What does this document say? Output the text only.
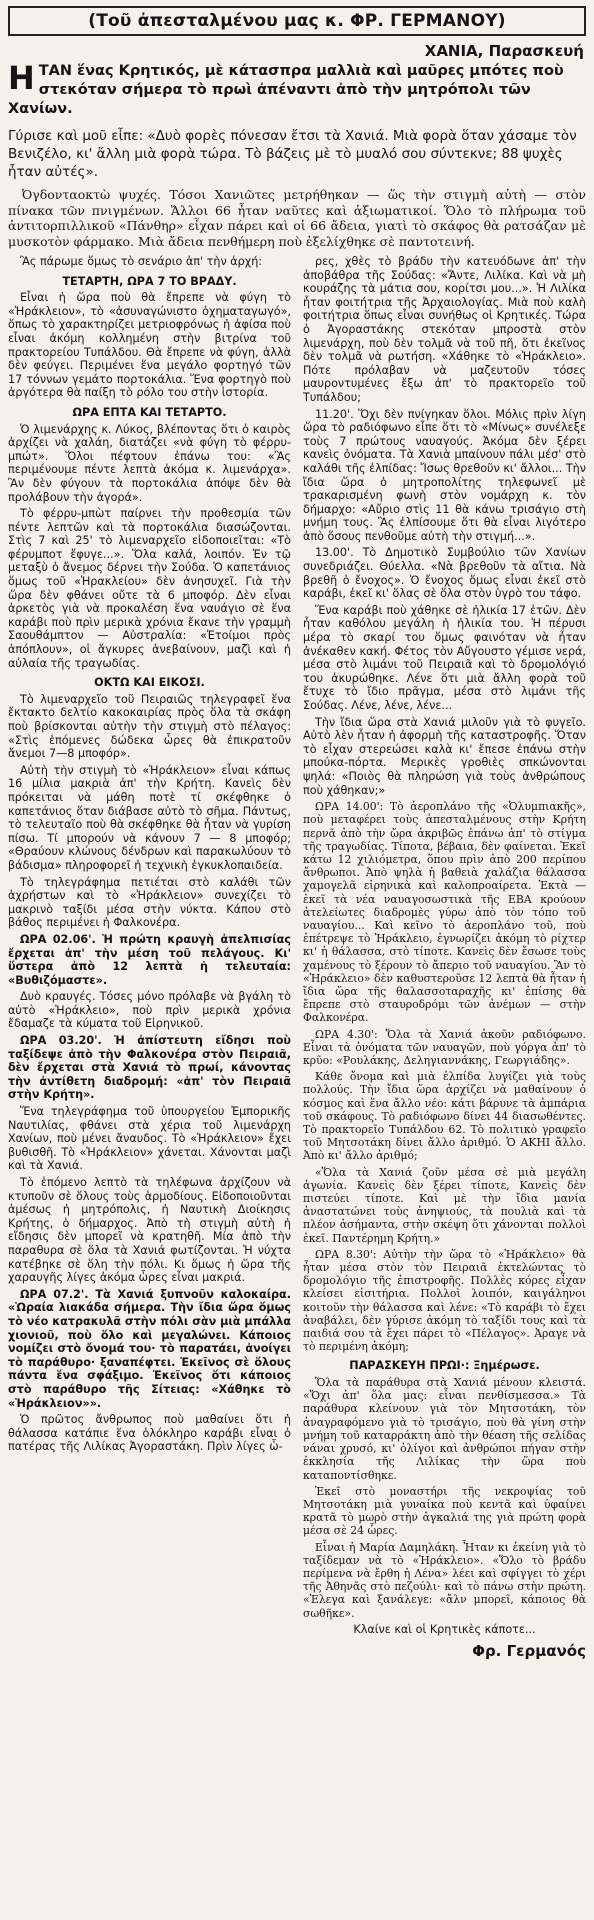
(Τοῦ ἀπεσταλμένου μας κ. ΦΡ. ΓΕΡΜΑΝΟΥ)
ΧΑΝΙΑ, Παρασκευή

ΗΤΑΝ ἕνας Κρητικός, μὲ κάτασπρα μαλλιὰ καὶ μαῦρες μπότες ποὺ στεκόταν σήμερα τὸ πρωὶ ἀπέναντι ἀπὸ τὴν μητρόπολι τῶν Χανίων.

Γύρισε καὶ μοῦ εἶπε: «Δυὸ φορὲς πόνεσαν ἔτσι τὰ Χανιά. Μιὰ φορὰ ὅταν χάσαμε τὸν Βενιζέλο, κι' ἄλλη μιὰ φορὰ τώρα. Τὸ βάζεις μὲ τὸ μυαλό σου σύντεκνε; 88 ψυχὲς ἦταν αὐτές».

Ὀγδονταοκτὼ ψυχές. Τόσοι Χανιῶτες μετρήθηκαν — ὥς τὴν στιγμὴ αὐτὴ — στὸν πίνακα τῶν πνιγμένων. Ἄλλοι 66 ἦταν ναῦτες καὶ ἀξιωματικοί. Ὅλο τὸ πλήρωμα τοῦ ἀντιτορπιλλικοῦ «Πάνθηρ» εἶχαν πάρει καὶ οἱ 66 ἄδεια, γιατὶ τὸ σκάφος θὰ ρατσάζαν μὲ μυσκοτὸν φάρμακο. Μιὰ ἄδεια πενθήμερη ποὺ ἐξελίχθηκε σὲ παντοτεινή.

Ἂς πάρωμε ὅμως τὸ σενάριο ἀπ' τὴν ἀρχή:

ΤΕΤΑΡΤΗ, ΩΡΑ 7 ΤΟ ΒΡΑΔΥ.

Εἶναι ἡ ὥρα ποὺ θὰ ἔπρεπε νὰ φύγη τὸ «Ἡράκλειον», τὸ «ἀσυναγώνιστο ὀχηματαγωγό», ὅπως τὸ χαρακτηρίζει μετριοφρόνως ἡ ἀφίσα ποὺ εἶναι ἀκόμη κολλημένη στὴν βιτρίνα τοῦ πρακτορείου Τυπάλδου. Θὰ ἔπρεπε νὰ φύγη, ἀλλὰ δὲν φεύγει. Περιμένει ἕνα μεγάλο φορτηγό τῶν 17 τόννων γεμάτο πορτοκάλια. Ἕνα φορτηγὸ ποὺ ἀργότερα θὰ παίξη τὸ ρόλο του στὴν ἱστορία.

ΩΡΑ ΕΠΤΑ ΚΑΙ ΤΕΤΑΡΤΟ.

Ὁ λιμενάρχης κ. Λύκος, βλέποντας ὅτι ὁ καιρὸς ἀρχίζει νὰ χαλάη, διατάζει «νὰ φύγη τὸ φέρρυ-μπώτ». Ὅλοι πέφτουν ἐπάνω του: «Ἂς περιμένουμε πέντε λεπτὰ ἀκόμα κ. λιμενάρχα». Ἂν δὲν φύγουν τὰ πορτοκάλια ἀπόψε δὲν θὰ προλάβουν τὴν ἀγορά».

Τὸ φέρρυ-μπὼτ παίρνει τὴν προθεσμία τῶν πέντε λεπτῶν καὶ τὰ πορτοκάλια διασώζονται. Στὶς 7 καὶ 25' τὸ λιμεναρχεῖο εἰδοποιεῖται: «Τὸ φέρυμποτ ἔφυγε...». Ὅλα καλά, λοιπόν. Ἐν τῷ μεταξὺ ὁ ἄνεμος δέρνει τὴν Σούδα. Ὁ καπετάνιος ὅμως τοῦ «Ἡρακλείου» δὲν ἀνησυχεῖ. Γιὰ τὴν ὥρα δὲν φθάνει οὔτε τὰ 6 μποφόρ. Δὲν εἶναι ἀρκετὸς γιὰ νὰ προκαλέση ἕνα ναυάγιο σὲ ἕνα καράβι ποὺ πρὶν μερικὰ χρόνια ἔκανε τὴν γραμμὴ Σαουθάμπτον — Αὐστραλία: «Ἐτοίμοι πρὸς ἀπόπλουν», οἱ ἄγκυρες ἀνεβαίνουν, μαζὶ καὶ ἡ αὐλαία τῆς τραγωδίας.

ΟΚΤΩ ΚΑΙ ΕΙΚΟΣΙ.

Τὸ λιμεναρχεῖο τοῦ Πειραιῶς τηλεγραφεῖ ἕνα ἔκτακτο δελτίο κακοκαιρίας πρὸς ὅλα τὰ σκάφη ποὺ βρίσκονται αὐτὴν τὴν στιγμὴ στὸ πέλαγος: «Στὶς ἑπόμενες δώδεκα ὧρες θὰ ἐπικρατοῦν ἄνεμοι 7—8 μποφόρ».

Αὐτὴ τὴν στιγμὴ τὸ «Ἡράκλειον» εἶναι κάπως 16 μίλια μακριὰ ἀπ' τὴν Κρήτη. Κανεὶς δὲν πρόκειται νὰ μάθη ποτὲ τί σκέφθηκε ὁ καπετάνιος ὅταν διάβασε αὐτὸ τὸ σῆμα. Πάντως, τὸ τελευταῖο ποὺ θὰ σκέφθηκε θὰ ἦταν νὰ γυρίση πίσω. Τί μπορούν νὰ κάνουν 7 — 8 μποφόρ; «Θραύουν κλώνους δένδρων καὶ παρακωλύουν τὸ βάδισμα» πληροφορεῖ ἡ τεχνικὴ ἐγκυκλοπαιδεία.

Τὸ τηλεγράφημα πετιέται στὸ καλάθι τῶν ἀχρήστων καὶ τὸ «Ἡράκλειον» συνεχίζει τὸ μακρινὸ ταξίδι μέσα στὴν νύκτα. Κάπου στὸ βάθος περιμένει ἡ Φαλκονέρα.

ΩΡΑ 02.06'. Ἡ πρώτη κραυγὴ ἀπελπισίας ἔρχεται ἀπ' τὴν μέση τοῦ πελάγους. Κι' ὕστερα ἀπὸ 12 λεπτὰ ἡ τελευταία: «Βυθιζόμαστε».

Δυὸ κραυγές. Τόσες μόνο πρόλαβε νὰ βγάλη τὸ αὐτὸ «Ἡράκλειο», ποὺ πρὶν μερικὰ χρόνια ἔδαμαζε τὰ κύματα τοῦ Εἰρηνικοῦ.

ΩΡΑ 03.20'. Ἡ ἀπίστευτη εἴδησι ποὺ ταξίδεψε ἀπὸ τὴν Φαλκονέρα στὸν Πειραιᾶ, δὲν ἔρχεται στὰ Χανιά τὸ πρωί, κάνοντας τὴν ἀντίθετη διαδρομή: «ἀπ' τὸν Πειραιᾶ στὴν Κρήτη».

Ἕνα τηλεγράφημα τοῦ ὑπουργείου Ἐμπορικῆς Ναυτιλίας, φθάνει στὰ χέρια τοῦ λιμενάρχη Χανίων, ποὺ μένει ἄναυδος. Τὸ «Ἡράκλειον» ἔχει βυθισθῆ. Τὸ «Ἡράκλειον» χάνεται. Χάνονται μαζὶ καὶ τὰ Χανιά.

Τὸ ἑπόμενο λεπτὸ τὰ τηλέφωνα ἀρχίζουν νὰ κτυποῦν σὲ ὅλους τοὺς ἁρμοδίους. Εἰδοποιοῦνται ἀμέσως ἡ μητρόπολις, ἡ Ναυτικὴ Διοίκησις Κρήτης, ὁ δήμαρχος. Ἀπὸ τὴ στιγμὴ αὐτὴ ἡ εἴδησις δὲν μπορεῖ νὰ κρατηθῆ. Μία ἀπὸ τὴν παραθυρα σὲ ὅλα τὰ Χανιά φωτίζονται. Ἡ νύχτα κατέβηκε σὲ ὅλη τὴν πόλι. Κι ὅμως ἡ ὥρα τῆς χαραυγῆς λίγες ἀκόμα ὧρες εἶναι μακριά.

ΩΡΑ 07.2'. Τὰ Χανιά ξυπνοῦν καλοκαίρα. «Ὡραία λιακάδα σήμερα. Τὴν ἴδια ὥρα ὅμως τὸ νέο κατρακυλᾶ στὴν πόλι σὰν μιὰ μπάλλα χιονιοῦ, ποὺ ὅλο καὶ μεγαλώνει. Κάποιος νομίζει στὸ ὄνομά του· τὸ παρατάει, ἀνοίγει τὸ παράθυρο· ξαναπέφτει. Ἐκεῖνος σὲ ὅλους πάντα ἕνα σφάξιμο. Ἐκεῖνος ὅτι κάποιος στὸ παράθυρο τῆς Σίτειας: «Χάθηκε τὸ «Ἡράκλειον»».

Ὁ πρῶτος ἄνθρωπος ποὺ μαθαίνει ὅτι ἡ θάλασσα κατάπιε ἕνα ὁλόκληρο καράβι εἶναι ὁ πατέρας τῆς Λιλίκας Ἀγοραστάκη. Πρὶν λίγες ὧ-

ρες, χθὲς τὸ βράδυ τὴν κατευόδωνε ἀπ' τὴν ἀποβάθρα τῆς Σούδας: «Ἄντε, Λιλίκα. Καὶ νὰ μὴ κουράζης τὰ μάτια σου, κορίτσι μου...». Ἡ Λιλίκα ἦταν φοιτήτρια τῆς Ἀρχαιολογίας. Μιὰ ποὺ καλὴ φοιτήτρια ὅπως εἶναι συνήθως οἱ Κρητικές. Τώρα ὁ Ἀγοραστάκης στεκόταν μπροστὰ στὸν λιμενάρχη, ποὺ δὲν τολμᾶ νὰ τοῦ πῆ, ὅτι ἐκεῖνος δὲν τολμᾶ νὰ ρωτήση. «Χάθηκε τὸ «Ἡράκλειο». Πότε πρόλαβαν νὰ μαζευτοῦν τόσες μαυροντυμένες ἔξω ἀπ' τὸ πρακτορεῖο τοῦ Τυπάλδου;

11.20'. Ὅχι δὲν πνίγηκαν ὅλοι. Μόλις πρὶν λίγη ὥρα τὸ ραδιόφωνο εἶπε ὅτι τὸ «Μίνως» συνέλεξε τοὺς 7 πρώτους ναυαγούς. Ἀκόμα δὲν ξέρει κανεὶς ὀνόματα. Τὰ Χανιὰ μπαίνουν πάλι μέσ' στὸ καλάθι τῆς ἐλπίδας: Ἴσως θρεθοῦν κι' ἄλλοι... Τὴν ἴδια ὥρα ὁ μητροπολίτης τηλεφωνεῖ μὲ τρακαρισμένη φωνὴ στὸν νομάρχη κ. τὸν δήμαρχο: «Αὔριο στὶς 11 θὰ κάνω τρισάγιο στὴ μνήμη τους. Ἂς ἐλπίσουμε ὅτι θὰ εἶναι λιγότερο ἀπὸ ὅσους πενθοῦμε αὐτὴ τὴν στιγμή...».

13.00'. Τὸ Δημοτικὸ Συμβούλιο τῶν Χανίων συνεδριάζει. Θύελλα. «Νὰ βρεθοῦν τὰ αἴτια. Νὰ βρεθῆ ὁ ἔνοχος». Ὁ ἔνοχος ὅμως εἶναι ἐκεῖ στὸ καράβι, ἐκεῖ κι' ὅλας σὲ ὅλα στὸν ὑγρὸ του τάφο.

Ἕνα καράβι ποὺ χάθηκε σὲ ἡλικία 17 ἐτῶν. Δὲν ἦταν καθόλου μεγάλη ἡ ἡλικία του. Ἡ πέρυσι μέρα τὸ σκαρί του ὅμως φαινόταν νὰ ἦταν ἀνέκαθεν κακή. Φέτος τὸν Αὔγουστο γέμισε νερά, μέσα στὸ λιμάνι τοῦ Πειραιᾶ καὶ τὸ δρομολόγιό του ἀκυρώθηκε. Λένε ὅτι μιὰ ἄλλη φορὰ τοῦ ἔτυχε τὸ ἴδιο πρᾶγμα, μέσα στὸ λιμάνι τῆς Σούδας. Λένε, λένε, λένε...

Τὴν ἴδια ὥρα στὰ Χανιά μιλοῦν γιὰ τὸ φυγεῖο. Αὐτὸ λὲν ἦταν ἡ ἀφορμὴ τῆς καταστροφῆς. Ὅταν τὸ εἶχαν στερεώσει καλὰ κι' ἔπεσε ἐπάνω στὴν μπούκα-πόρτα. Μερικὲς γροθιὲς σπκώνονται ψηλά: «Ποιὸς θὰ πληρώση γιὰ τοὺς ἀνθρώπους ποὺ χάθηκαν;»

ΩΡΑ 14.00': Τὸ ἀεροπλάνο τῆς «Ὀλυμπιακῆς», ποὺ μεταφέρει τοὺς ἀπεσταλμένους στὴν Κρήτη περνᾶ ἀπὸ τὴν ὥρα ἀκριβῶς ἐπάνω ἀπ' τὸ στίγμα τῆς τραγωδίας. Τίποτα, βέβαια, δὲν φαίνεται. Ἐκεῖ κάτω 12 χιλιόμετρα, ὅπου πρὶν ἀπὸ 200 περίπου ἄνθρωποι. Ἀπὸ ψηλὰ ἡ βαθειὰ χαλάζια θάλασσα χαμογελᾶ εἰρηνικὰ καὶ καλοπροαίρετα. Ἐκτὰ — ἐκεῖ τὰ νέα ναυαγοσωστικὰ τῆς ΕΒΑ κρούουν ἀτελείωτες διαδρομὲς γύρω ἀπὸ τὸν τόπο τοῦ ναυαγίου... Καὶ κεῖνο τὸ ἀεροπλάνο τοῦ, ποὺ ἐπέτρεψε τὸ Ἡράκλειο, ἐγνωρίζει ἀκόμη τὸ ρίχτερ κι' ἡ θάλασσα, στὸ τίποτε. Κανεὶς δὲν ἔσωσε τοὺς χαμένους τὸ ξέρουν τὸ ἄπεριο τοῦ ναυαγίου. Ἂν τὸ «Ἡράκλειο» δὲν καθυστεροῦσε 12 λεπτὰ θὰ ἦταν ἡ ἴδια ὥρα τῆς θαλασσοταραχῆς κι' ἐπίσης θὰ ἔπρεπε στὸ σταυροδρόμι τῶν ἀνέμων — στὴν Φαλκονέρα.

ΩΡΑ 4.30': Ὅλα τὰ Χανιά ἀκοῦν ραδιόφωνο. Εἶναι τὰ ὀνόματα τῶν ναυαγῶν, ποὺ γόργα ἀπ' τὸ κρῦο: «Ρουλάκης, Δεληγιαννάκης, Γεωργιάδης».

Κάθε ὄνομα καὶ μιὰ ἐλπίδα λυγίζει γιὰ τοὺς πολλούς. Τὴν ἴδια ὥρα ἀρχίζει νὰ μαθαίνουν ὁ κόσμος καὶ ἕνα ἄλλο νέο: κάτι βάρυνε τὰ ἀμπάρια τοῦ σκάφους. Τὸ ραδιόφωνο δίνει 44 διασωθέντες. Τὸ πρακτορεῖο Τυπάλδου 62. Τὸ πολιτικὸ γραφεῖο τοῦ Μητσοτάκη δίνει ἄλλο ἀριθμό. Ὁ ΑΚΗΙ ἄλλο. Ἀπὸ κι' ἄλλο ἀριθμό;

«Ὅλα τὰ Χανιά ζοῦν μέσα σὲ μιὰ μεγάλη ἀγωνία. Κανεὶς δὲν ξέρει τίποτε, Κανεὶς δὲν πιστεύει τίποτε. Καὶ μὲ τὴν ἴδια μανία ἀναστατώνει τοὺς ἀνηψιούς, τὰ πουλιὰ καὶ τὰ πλέον ἀσήμαντα, στὴν σκέψη ὅτι χάνονται πολλοὶ ἐκεῖ. Παντέρημη Κρήτη.»

ΩΡΑ 8.30': Αὐτὴν τὴν ὥρα τὸ «Ἡράκλειο» θὰ ἦταν μέσα στὸν τὸν Πειραιᾶ ἐκτελώντας τὸ δρομολόγιο τῆς ἐπιστροφῆς. Πολλὲς κόρες εἶχαν κλείσει εἰσιτήρια. Πολλοὶ λοιπόν, καιγάληνοι κοιτοῦν τὴν θάλασσα καὶ λένε: «Τὸ καράβι τὸ ἔχει ἀναβάλει, δὲν γύρισε ἀκόμη τὸ ταξίδι τους καὶ τὰ παιδιά σου τὰ ἔχει πάρει τὸ «Πέλαγος». Ἀραγε νὰ τὸ περιμένη ἀκόμη;

ΠΑΡΑΣΚΕΥΗ ΠΡΩΙ·: Ξημέρωσε.

Ὅλα τὰ παράθυρα στὰ Χανιά μένουν κλειστά. «Ὅχι ἀπ' ὅλα μας: εἶναι πενθίσμεσσα.» Τὰ παράθυρα κλείνουν γιὰ τὸν Μητσοτάκη, τὸν ἀναγραφόμενο γιὰ τὸ τρισάγιο, ποὺ θὰ γίνη στὴν μνήμη τοῦ καταρράκτη ἀπὸ τὴν θέαση τῆς σελίδας νάναι χρυσό, κι' ὀλίγοι καὶ ἀνθρώποι πήγαν στὴν ἐκκλησία τῆς Λιλίκας τὴν ὥρα ποὺ καταποντίσθηκε.

Ἐκεῖ στὸ μοναστήρι τῆς νεκροψίας τοῦ Μητσοτάκη μιὰ γυναίκα ποὺ κεντᾶ καὶ ὑφαίνει κρατᾶ τὸ μωρὸ στὴν ἀγκαλιά της γιὰ πρώτη φορὰ μέσα σὲ 24 ὧρες.

Εἶναι ἡ Μαρία Δαμηλάκη. Ἦταν κι ἐκείνη γιὰ τὸ ταξίδεμαν νὰ τὸ «Ἡράκλειο». «Ὅλο τὸ βράδυ περίμενα νὰ ἔρθη ἡ Λένα» λέει καὶ σφίγγει τὸ χέρι τῆς Ἀθηνᾶς στὸ πεζούλι· καὶ τὸ πάνω στὴν πρώτη. «Ἐλεγα καὶ ξανάλεγε: «ἄλν μπορεῖ, κάποιος θὰ σωθῆκε».

Κλαίνε καὶ οἱ Κρητικὲς κάποτε...

Φρ. Γερμανός
